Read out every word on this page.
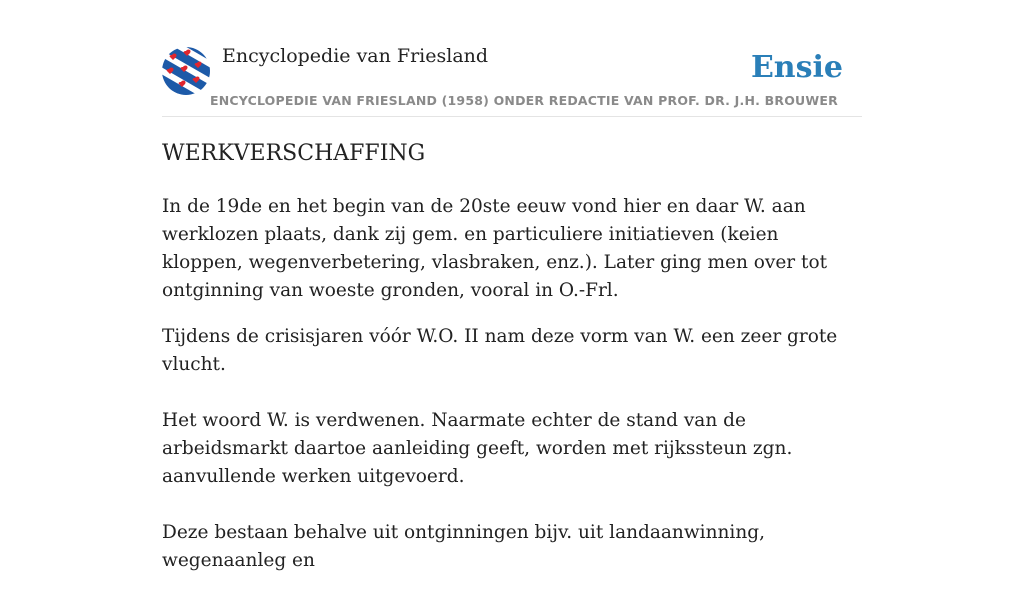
Encyclopedie van Friesland
ENCYCLOPEDIE VAN FRIESLAND (1958) ONDER REDACTIE VAN PROF. DR. J.H. BROUWER
Ensie
WERKVERSCHAFFING

In de 19de en het begin van de 20ste eeuw vond hier en daar W. aan werklozen plaats, dank zij gem. en particuliere initiatieven (keien kloppen, wegenverbetering, vlasbraken, enz.). Later ging men over tot ontginning van woeste gronden, vooral in O.-Frl.

Tijdens de crisisjaren vóór W.O. II nam deze vorm van W. een zeer grote vlucht.

Het woord W. is verdwenen. Naarmate echter de stand van de arbeidsmarkt daartoe aanleiding geeft, worden met rijkssteun zgn. aanvullende werken uitgevoerd.

Deze bestaan behalve uit ontginningen bijv. uit landaanwinning, wegenaanleg en
